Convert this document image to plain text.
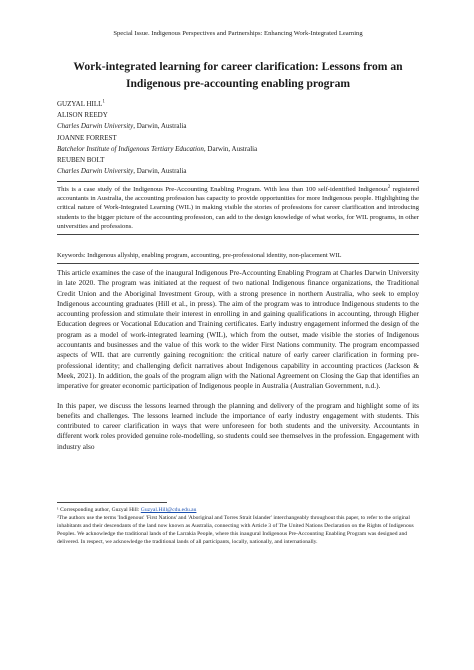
Special Issue. Indigenous Perspectives and Partnerships: Enhancing Work-Integrated Learning
Work-integrated learning for career clarification: Lessons from an Indigenous pre-accounting enabling program
GUZYAL HILL$^1$
ALISON REEDY
Charles Darwin University, Darwin, Australia
JOANNE FORREST
Batchelor Institute of Indigenous Tertiary Education, Darwin, Australia
REUBEN BOLT
Charles Darwin University, Darwin, Australia
This is a case study of the Indigenous Pre-Accounting Enabling Program. With less than 100 self-identified Indigenous$^2$ registered accountants in Australia, the accounting profession has capacity to provide opportunities for more Indigenous people. Highlighting the critical nature of Work-Integrated Learning (WIL) in making visible the stories of professions for career clarification and introducing students to the bigger picture of the accounting profession, can add to the design knowledge of what works, for WIL programs, in other universities and professions.
Keywords: Indigenous allyship, enabling program, accounting, pre-professional identity, non-placement WIL

This article examines the case of the inaugural Indigenous Pre-Accounting Enabling Program at Charles Darwin University in late 2020. The program was initiated at the request of two national Indigenous finance organizations, the Traditional Credit Union and the Aboriginal Investment Group, with a strong presence in northern Australia, who seek to employ Indigenous accounting graduates (Hill et al., in press). The aim of the program was to introduce Indigenous students to the accounting profession and stimulate their interest in enrolling in and gaining qualifications in accounting, through Higher Education degrees or Vocational Education and Training certificates. Early industry engagement informed the design of the program as a model of work-integrated learning (WIL), which from the outset, made visible the stories of Indigenous accountants and businesses and the value of this work to the wider First Nations community. The program encompassed aspects of WIL that are currently gaining recognition: the critical nature of early career clarification in forming pre-professional identity; and challenging deficit narratives about Indigenous capability in accounting practices (Jackson & Meek, 2021). In addition, the goals of the program align with the National Agreement on Closing the Gap that identifies an imperative for greater economic participation of Indigenous people in Australia (Australian Government, n.d.).

In this paper, we discuss the lessons learned through the planning and delivery of the program and highlight some of its benefits and challenges. The lessons learned include the importance of early industry engagement with students. This contributed to career clarification in ways that were unforeseen for both students and the university. Accountants in different work roles provided genuine role-modelling, so students could see themselves in the profession. Engagement with industry also

¹ Corresponding author, Guzyal Hill: Guzyal.Hill@cdu.edu.au

²The authors use the terms 'Indigenous' 'First Nations' and 'Aboriginal and Torres Strait Islander' interchangeably throughout this paper, to refer to the original inhabitants and their descendants of the land now known as Australia, connecting with Article 3 of The United Nations Declaration on the Rights of Indigenous Peoples. We acknowledge the traditional lands of the Larrakia People, where this inaugural Indigenous Pre-Accounting Enabling Program was designed and delivered. In respect, we acknowledge the traditional lands of all participants, locally, nationally, and internationally.
